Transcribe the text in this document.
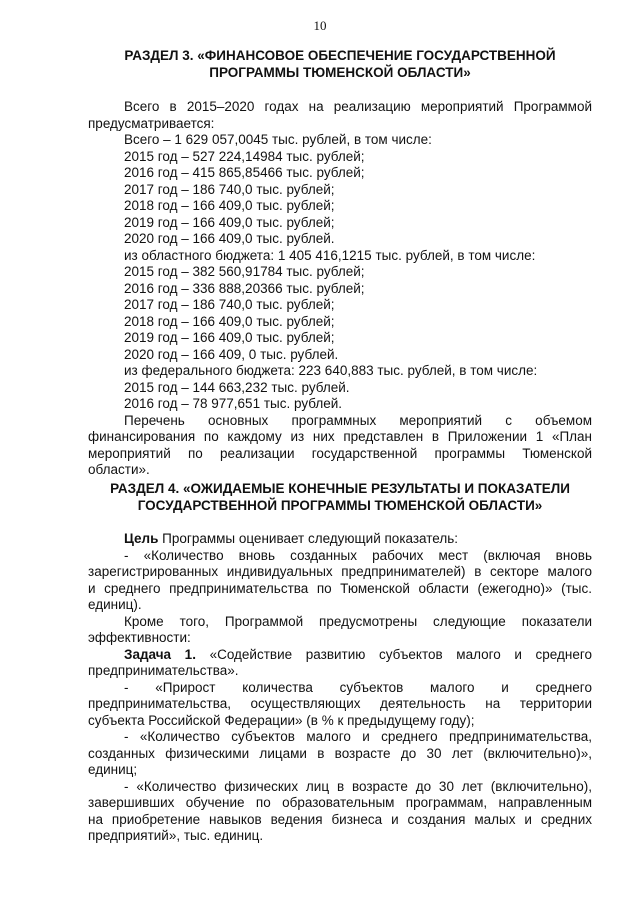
10
РАЗДЕЛ 3. «ФИНАНСОВОЕ ОБЕСПЕЧЕНИЕ ГОСУДАРСТВЕННОЙ
ПРОГРАММЫ ТЮМЕНСКОЙ ОБЛАСТИ»
Всего в 2015–2020 годах на реализацию мероприятий Программой
предусматривается:
Всего – 1 629 057,0045 тыс. рублей, в том числе:
2015 год – 527 224,14984 тыс. рублей;
2016 год – 415 865,85466 тыс. рублей;
2017 год – 186 740,0 тыс. рублей;
2018 год – 166 409,0 тыс. рублей;
2019 год – 166 409,0 тыс. рублей;
2020 год – 166 409,0 тыс. рублей.
из областного бюджета: 1 405 416,1215 тыс. рублей, в том числе:
2015 год – 382 560,91784 тыс. рублей;
2016 год – 336 888,20366 тыс. рублей;
2017 год – 186 740,0 тыс. рублей;
2018 год – 166 409,0 тыс. рублей;
2019 год – 166 409,0 тыс. рублей;
2020 год – 166 409, 0 тыс. рублей.
из федерального бюджета: 223 640,883 тыс. рублей, в том числе:
2015 год – 144 663,232 тыс. рублей.
2016 год – 78 977,651 тыс. рублей.
Перечень основных программных мероприятий с объемом
финансирования по каждому из них представлен в Приложении 1 «План
мероприятий по реализации государственной программы Тюменской
области».
РАЗДЕЛ 4. «ОЖИДАЕМЫЕ КОНЕЧНЫЕ РЕЗУЛЬТАТЫ И ПОКАЗАТЕЛИ
ГОСУДАРСТВЕННОЙ ПРОГРАММЫ ТЮМЕНСКОЙ ОБЛАСТИ»
Цель Программы оценивает следующий показатель:
- «Количество вновь созданных рабочих мест (включая вновь
зарегистрированных индивидуальных предпринимателей) в секторе малого
и среднего предпринимательства по Тюменской области (ежегодно)» (тыс.
единиц).
Кроме того, Программой предусмотрены следующие показатели
эффективности:
Задача 1. «Содействие развитию субъектов малого и среднего
предпринимательства».
- «Прирост количества субъектов малого и среднего
предпринимательства, осуществляющих деятельность на территории
субъекта Российской Федерации» (в % к предыдущему году);
- «Количество субъектов малого и среднего предпринимательства,
созданных физическими лицами в возрасте до 30 лет (включительно)»,
единиц;
- «Количество физических лиц в возрасте до 30 лет (включительно),
завершивших обучение по образовательным программам, направленным
на приобретение навыков ведения бизнеса и создания малых и средних
предприятий», тыс. единиц.
